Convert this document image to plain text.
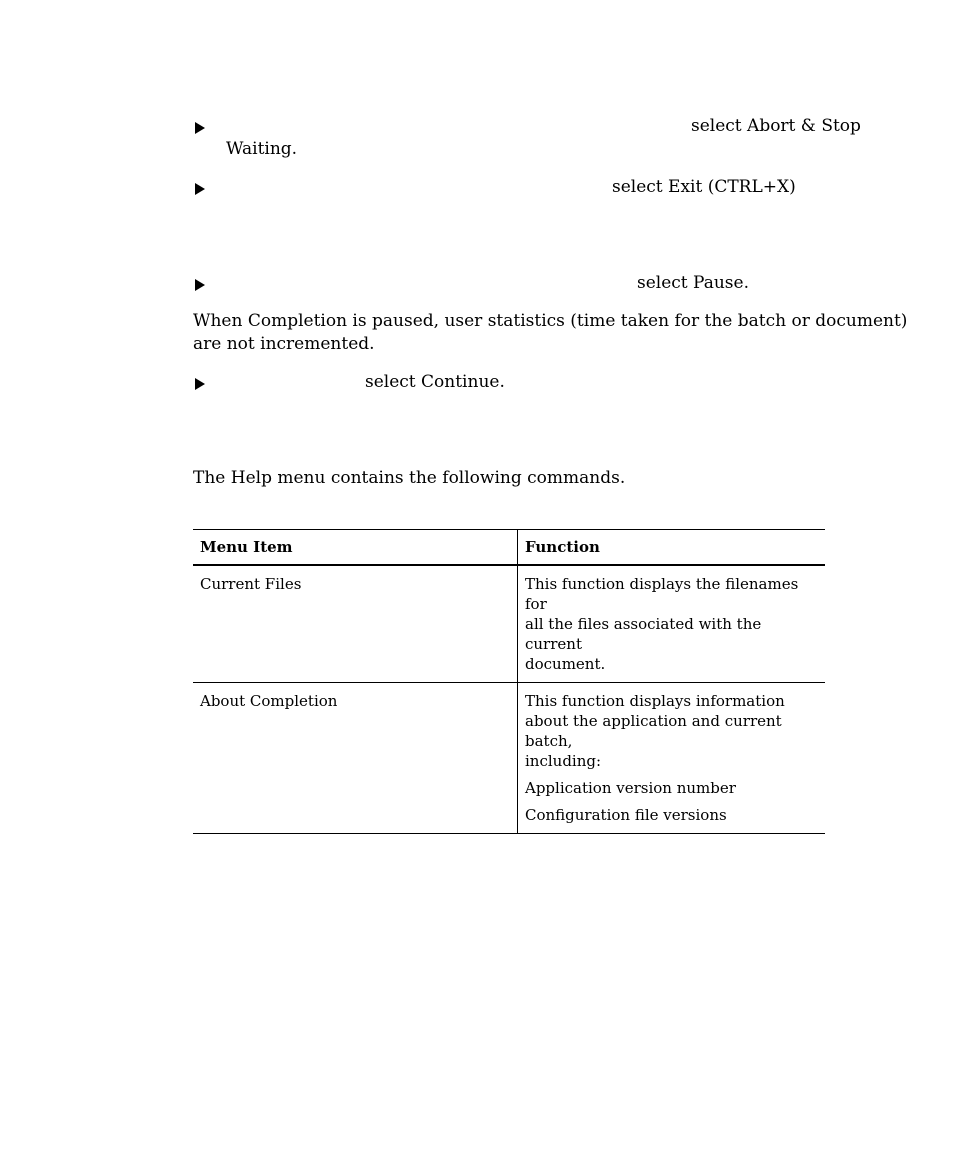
select Abort & Stop
Waiting.
select Exit (CTRL+X)
select Pause.
When Completion is paused, user statistics (time taken for the batch or document)
are not incremented.
select Continue.
The Help menu contains the following commands.
Menu Item	Function
Current Files	This function displays the filenames for
all the files associated with the current
document.

About Completion	This function displays information
about the application and current batch,
including:
Application version number
Configuration file versions
